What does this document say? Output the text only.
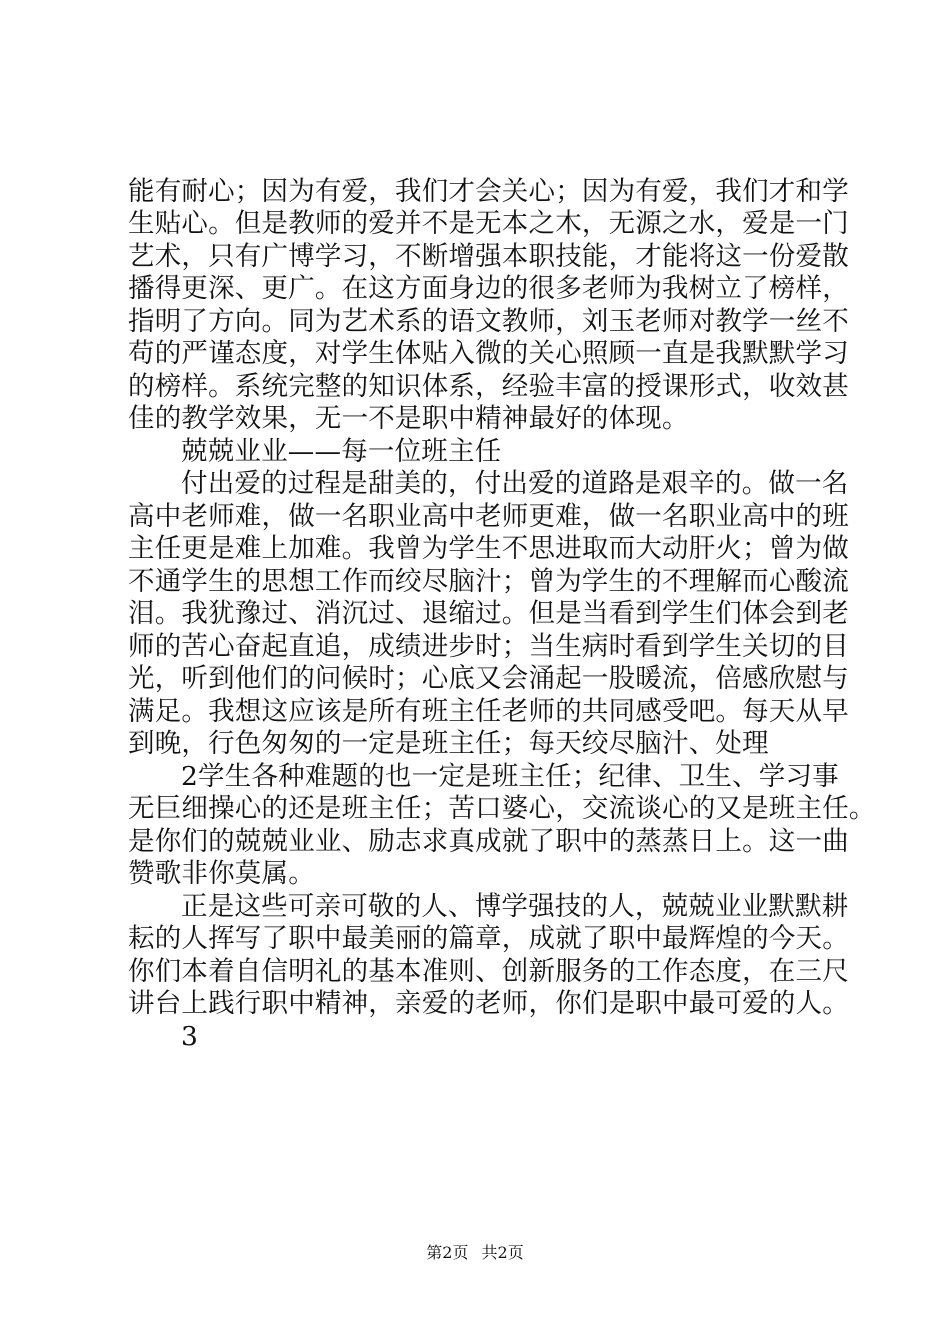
能有耐心；因为有爱，我们才会关心；因为有爱，我们才和学

生贴心。但是教师的爱并不是无本之木，无源之水，爱是一门

艺术，只有广博学习，不断增强本职技能，才能将这一份爱散

播得更深、更广。在这方面身边的很多老师为我树立了榜样，

指明了方向。同为艺术系的语文教师，刘玉老师对教学一丝不

苟的严谨态度，对学生体贴入微的关心照顾一直是我默默学习

的榜样。系统完整的知识体系，经验丰富的授课形式，收效甚

佳的教学效果，无一不是职中精神最好的体现。

兢兢业业——每一位班主任

付出爱的过程是甜美的，付出爱的道路是艰辛的。做一名

高中老师难，做一名职业高中老师更难，做一名职业高中的班

主任更是难上加难。我曾为学生不思进取而大动肝火；曾为做

不通学生的思想工作而绞尽脑汁；曾为学生的不理解而心酸流

泪。我犹豫过、消沉过、退缩过。但是当看到学生们体会到老

师的苦心奋起直追，成绩进步时；当生病时看到学生关切的目

光，听到他们的问候时；心底又会涌起一股暖流，倍感欣慰与

满足。我想这应该是所有班主任老师的共同感受吧。每天从早

到晚，行色匆匆的一定是班主任；每天绞尽脑汁、处理

2学生各种难题的也一定是班主任；纪律、卫生、学习事

无巨细操心的还是班主任；苦口婆心，交流谈心的又是班主任。

是你们的兢兢业业、励志求真成就了职中的蒸蒸日上。这一曲

赞歌非你莫属。

正是这些可亲可敬的人、博学强技的人，兢兢业业默默耕

耘的人挥写了职中最美丽的篇章，成就了职中最辉煌的今天。

你们本着自信明礼的基本准则、创新服务的工作态度，在三尺

讲台上践行职中精神，亲爱的老师，你们是职中最可爱的人。

3

第2页 共2页
